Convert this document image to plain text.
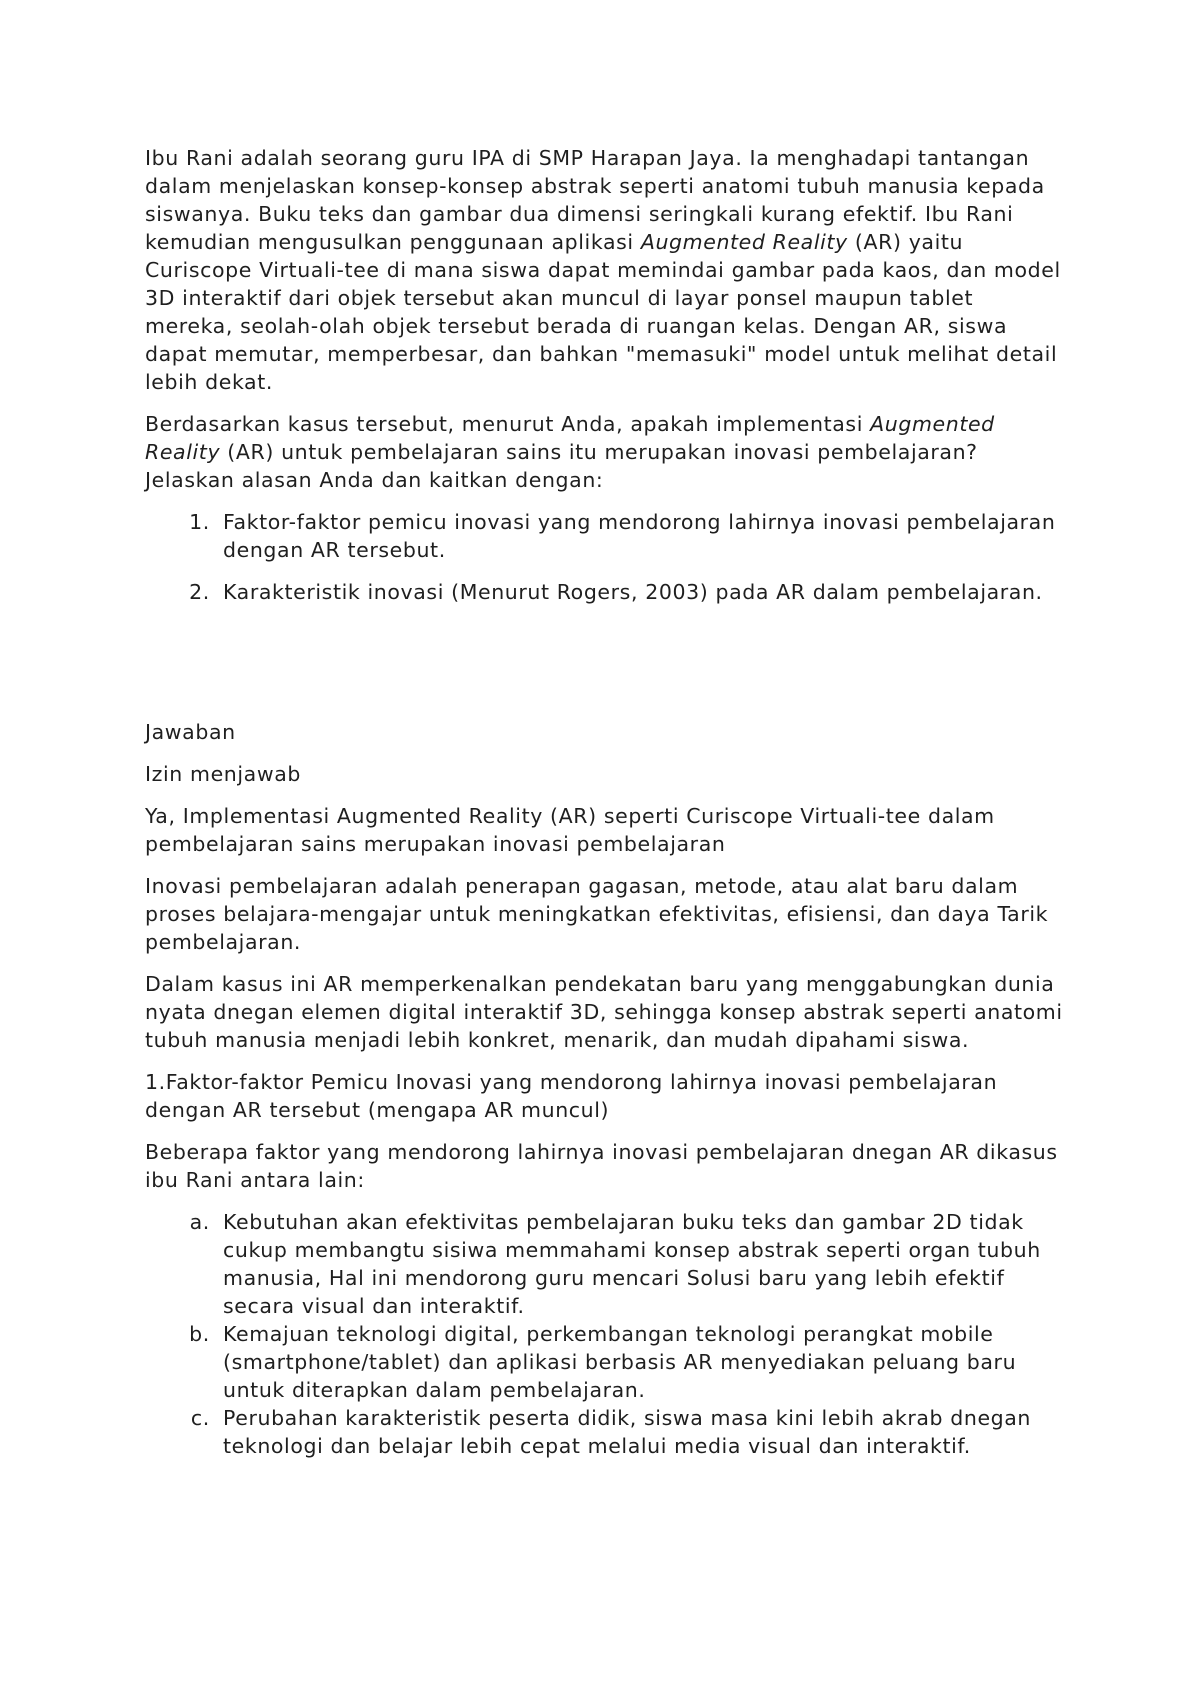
Ibu Rani adalah seorang guru IPA di SMP Harapan Jaya. Ia menghadapi tantangan dalam menjelaskan konsep-konsep abstrak seperti anatomi tubuh manusia kepada siswanya. Buku teks dan gambar dua dimensi seringkali kurang efektif. Ibu Rani kemudian mengusulkan penggunaan aplikasi Augmented Reality (AR) yaitu Curiscope Virtuali-tee di mana siswa dapat memindai gambar pada kaos, dan model 3D interaktif dari objek tersebut akan muncul di layar ponsel maupun tablet mereka, seolah-olah objek tersebut berada di ruangan kelas. Dengan AR, siswa dapat memutar, memperbesar, dan bahkan "memasuki" model untuk melihat detail lebih dekat.

Berdasarkan kasus tersebut, menurut Anda, apakah implementasi Augmented Reality (AR) untuk pembelajaran sains itu merupakan inovasi pembelajaran? Jelaskan alasan Anda dan kaitkan dengan:

1. Faktor-faktor pemicu inovasi yang mendorong lahirnya inovasi pembelajaran dengan AR tersebut.
2. Karakteristik inovasi (Menurut Rogers, 2003) pada AR dalam pembelajaran.

Jawaban

Izin menjawab

Ya, Implementasi Augmented Reality (AR) seperti Curiscope Virtuali-tee dalam pembelajaran sains merupakan inovasi pembelajaran

Inovasi pembelajaran adalah penerapan gagasan, metode, atau alat baru dalam proses belajara-mengajar untuk meningkatkan efektivitas, efisiensi, dan daya Tarik pembelajaran.

Dalam kasus ini AR memperkenalkan pendekatan baru yang menggabungkan dunia nyata dnegan elemen digital interaktif 3D, sehingga konsep abstrak seperti anatomi tubuh manusia menjadi lebih konkret, menarik, dan mudah dipahami siswa.

1.Faktor-faktor Pemicu Inovasi yang mendorong lahirnya inovasi pembelajaran dengan AR tersebut (mengapa AR muncul)

Beberapa faktor yang mendorong lahirnya inovasi pembelajaran dnegan AR dikasus ibu Rani antara lain:

a. Kebutuhan akan efektivitas pembelajaran buku teks dan gambar 2D tidak cukup membangtu sisiwa memmahami konsep abstrak seperti organ tubuh manusia, Hal ini mendorong guru mencari Solusi baru yang lebih efektif secara visual dan interaktif.
b. Kemajuan teknologi digital, perkembangan teknologi perangkat mobile (smartphone/tablet) dan aplikasi berbasis AR menyediakan peluang baru untuk diterapkan dalam pembelajaran.
c. Perubahan karakteristik peserta didik, siswa masa kini lebih akrab dnegan teknologi dan belajar lebih cepat melalui media visual dan interaktif.
